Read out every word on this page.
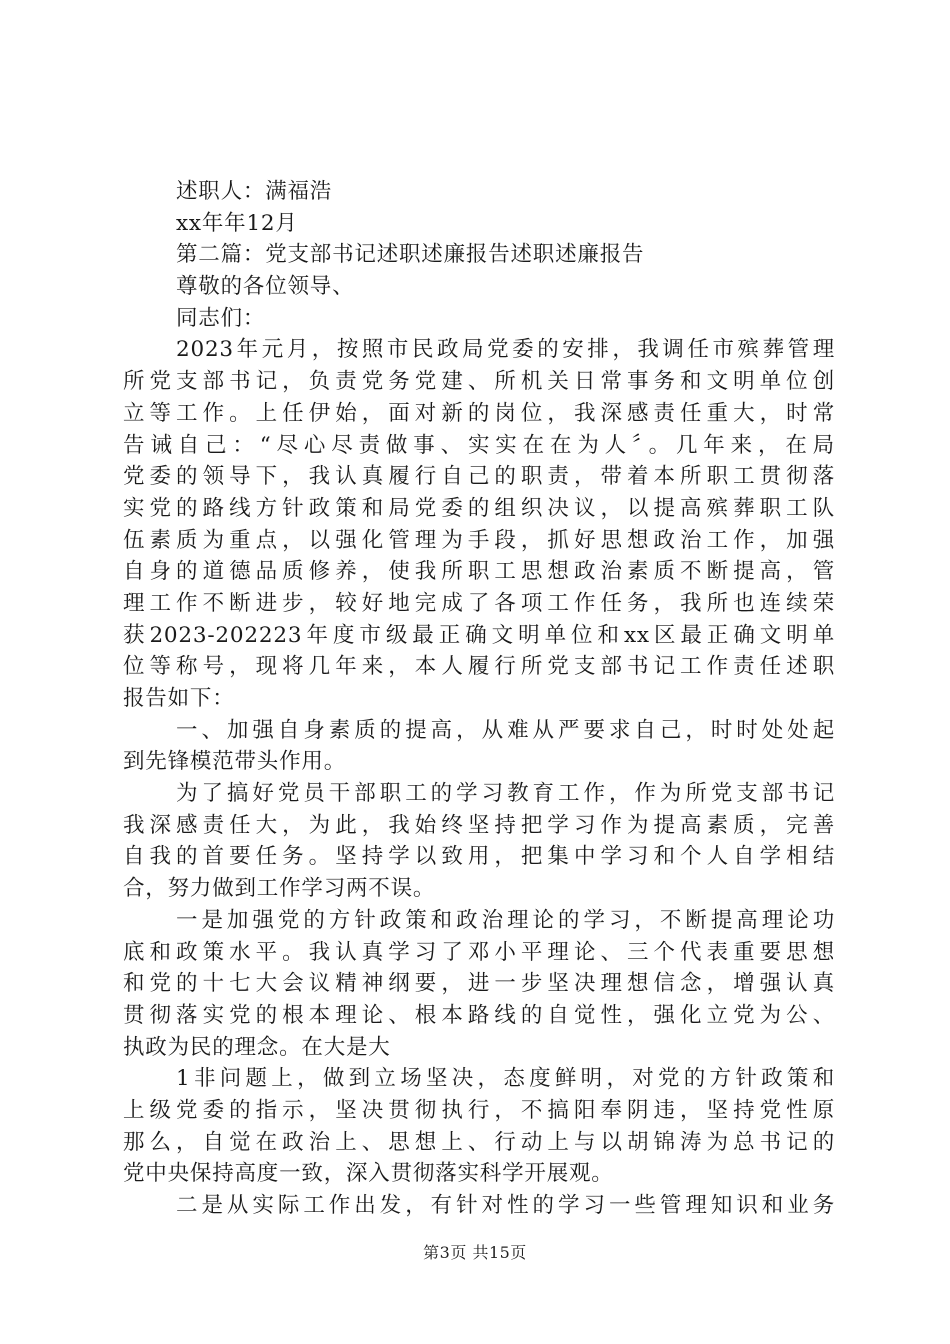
述职人：满福浩
xx年年12月
第二篇：党支部书记述职述廉报告述职述廉报告
尊敬的各位领导、
同志们：
2023年元月，按照市民政局党委的安排，我调任市殡葬管理
所党支部书记，负责党务党建、所机关日常事务和文明单位创
立等工作。上任伊始，面对新的岗位，我深感责任重大，时常
告诫自己：“尽心尽责做事、实实在在为人〞。几年来，在局
党委的领导下，我认真履行自己的职责，带着本所职工贯彻落
实党的路线方针政策和局党委的组织决议，以提高殡葬职工队
伍素质为重点，以强化管理为手段，抓好思想政治工作，加强
自身的道德品质修养，使我所职工思想政治素质不断提高，管
理工作不断进步，较好地完成了各项工作任务，我所也连续荣
获2023-202223年度市级最正确文明单位和xx区最正确文明单
位等称号，现将几年来，本人履行所党支部书记工作责任述职
报告如下：
一、加强自身素质的提高，从难从严要求自己，时时处处起
到先锋模范带头作用。
为了搞好党员干部职工的学习教育工作，作为所党支部书记
我深感责任大，为此，我始终坚持把学习作为提高素质，完善
自我的首要任务。坚持学以致用，把集中学习和个人自学相结
合，努力做到工作学习两不误。
一是加强党的方针政策和政治理论的学习，不断提高理论功
底和政策水平。我认真学习了邓小平理论、三个代表重要思想
和党的十七大会议精神纲要，进一步坚决理想信念，增强认真
贯彻落实党的根本理论、根本路线的自觉性，强化立党为公、
执政为民的理念。在大是大
1非问题上，做到立场坚决，态度鲜明，对党的方针政策和
上级党委的指示，坚决贯彻执行，不搞阳奉阴违，坚持党性原
那么，自觉在政治上、思想上、行动上与以胡锦涛为总书记的
党中央保持高度一致，深入贯彻落实科学开展观。
二是从实际工作出发，有针对性的学习一些管理知识和业务
第3页 共15页
